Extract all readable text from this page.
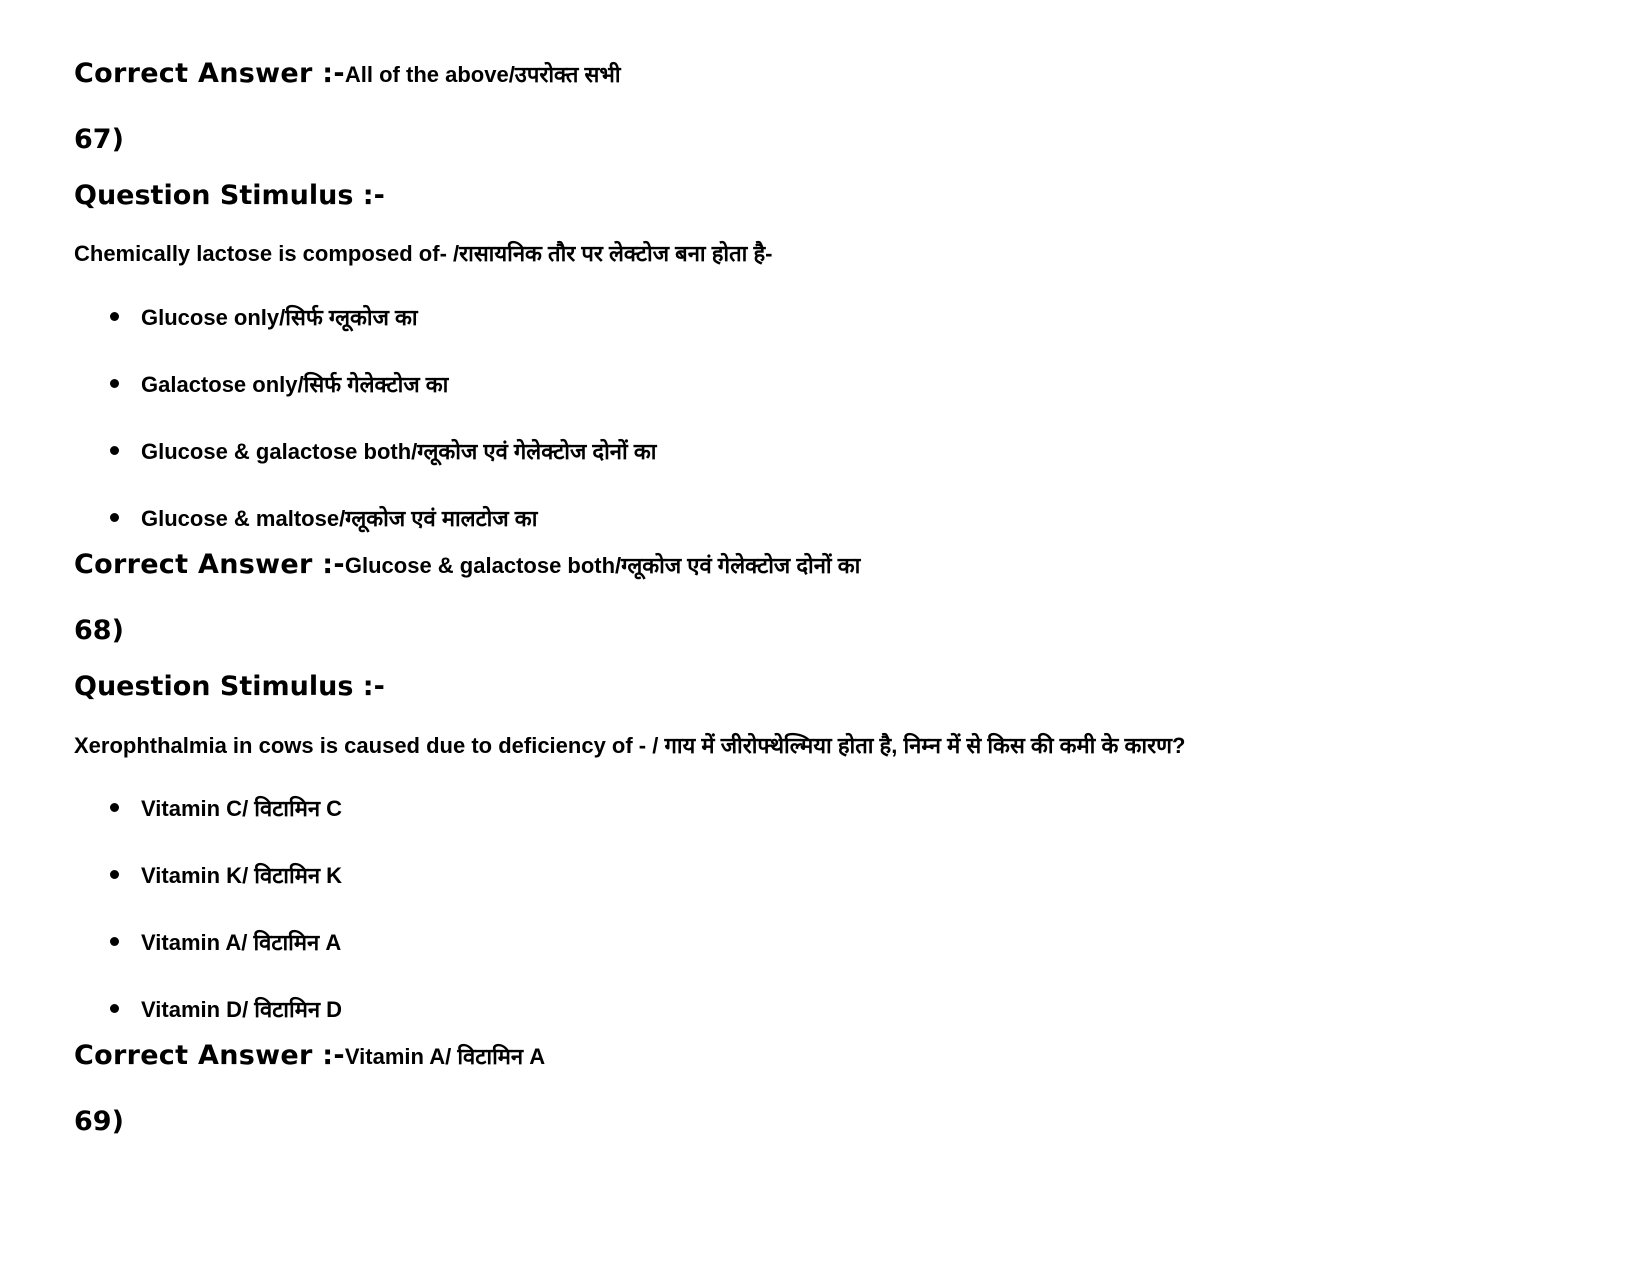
Correct Answer :-All of the above/उपरोक्त सभी
67)
Question Stimulus :-
Chemically lactose is composed of- /रासायनिक तौर पर लेक्टोज बना होता है-
Glucose only/सिर्फ ग्लूकोज का
Galactose only/सिर्फ गेलेक्टोज का
Glucose & galactose both/ग्लूकोज एवं गेलेक्टोज दोनों का
Glucose & maltose/ग्लूकोज एवं मालटोज का
Correct Answer :-Glucose & galactose both/ग्लूकोज एवं गेलेक्टोज दोनों का
68)
Question Stimulus :-
Xerophthalmia in cows is caused due to deficiency of - / गाय में जीरोफ्थेल्मिया होता है, निम्न में से किस की कमी के कारण?
Vitamin C/ विटामिन C
Vitamin K/ विटामिन K
Vitamin A/ विटामिन A
Vitamin D/ विटामिन D
Correct Answer :-Vitamin A/ विटामिन A
69)
